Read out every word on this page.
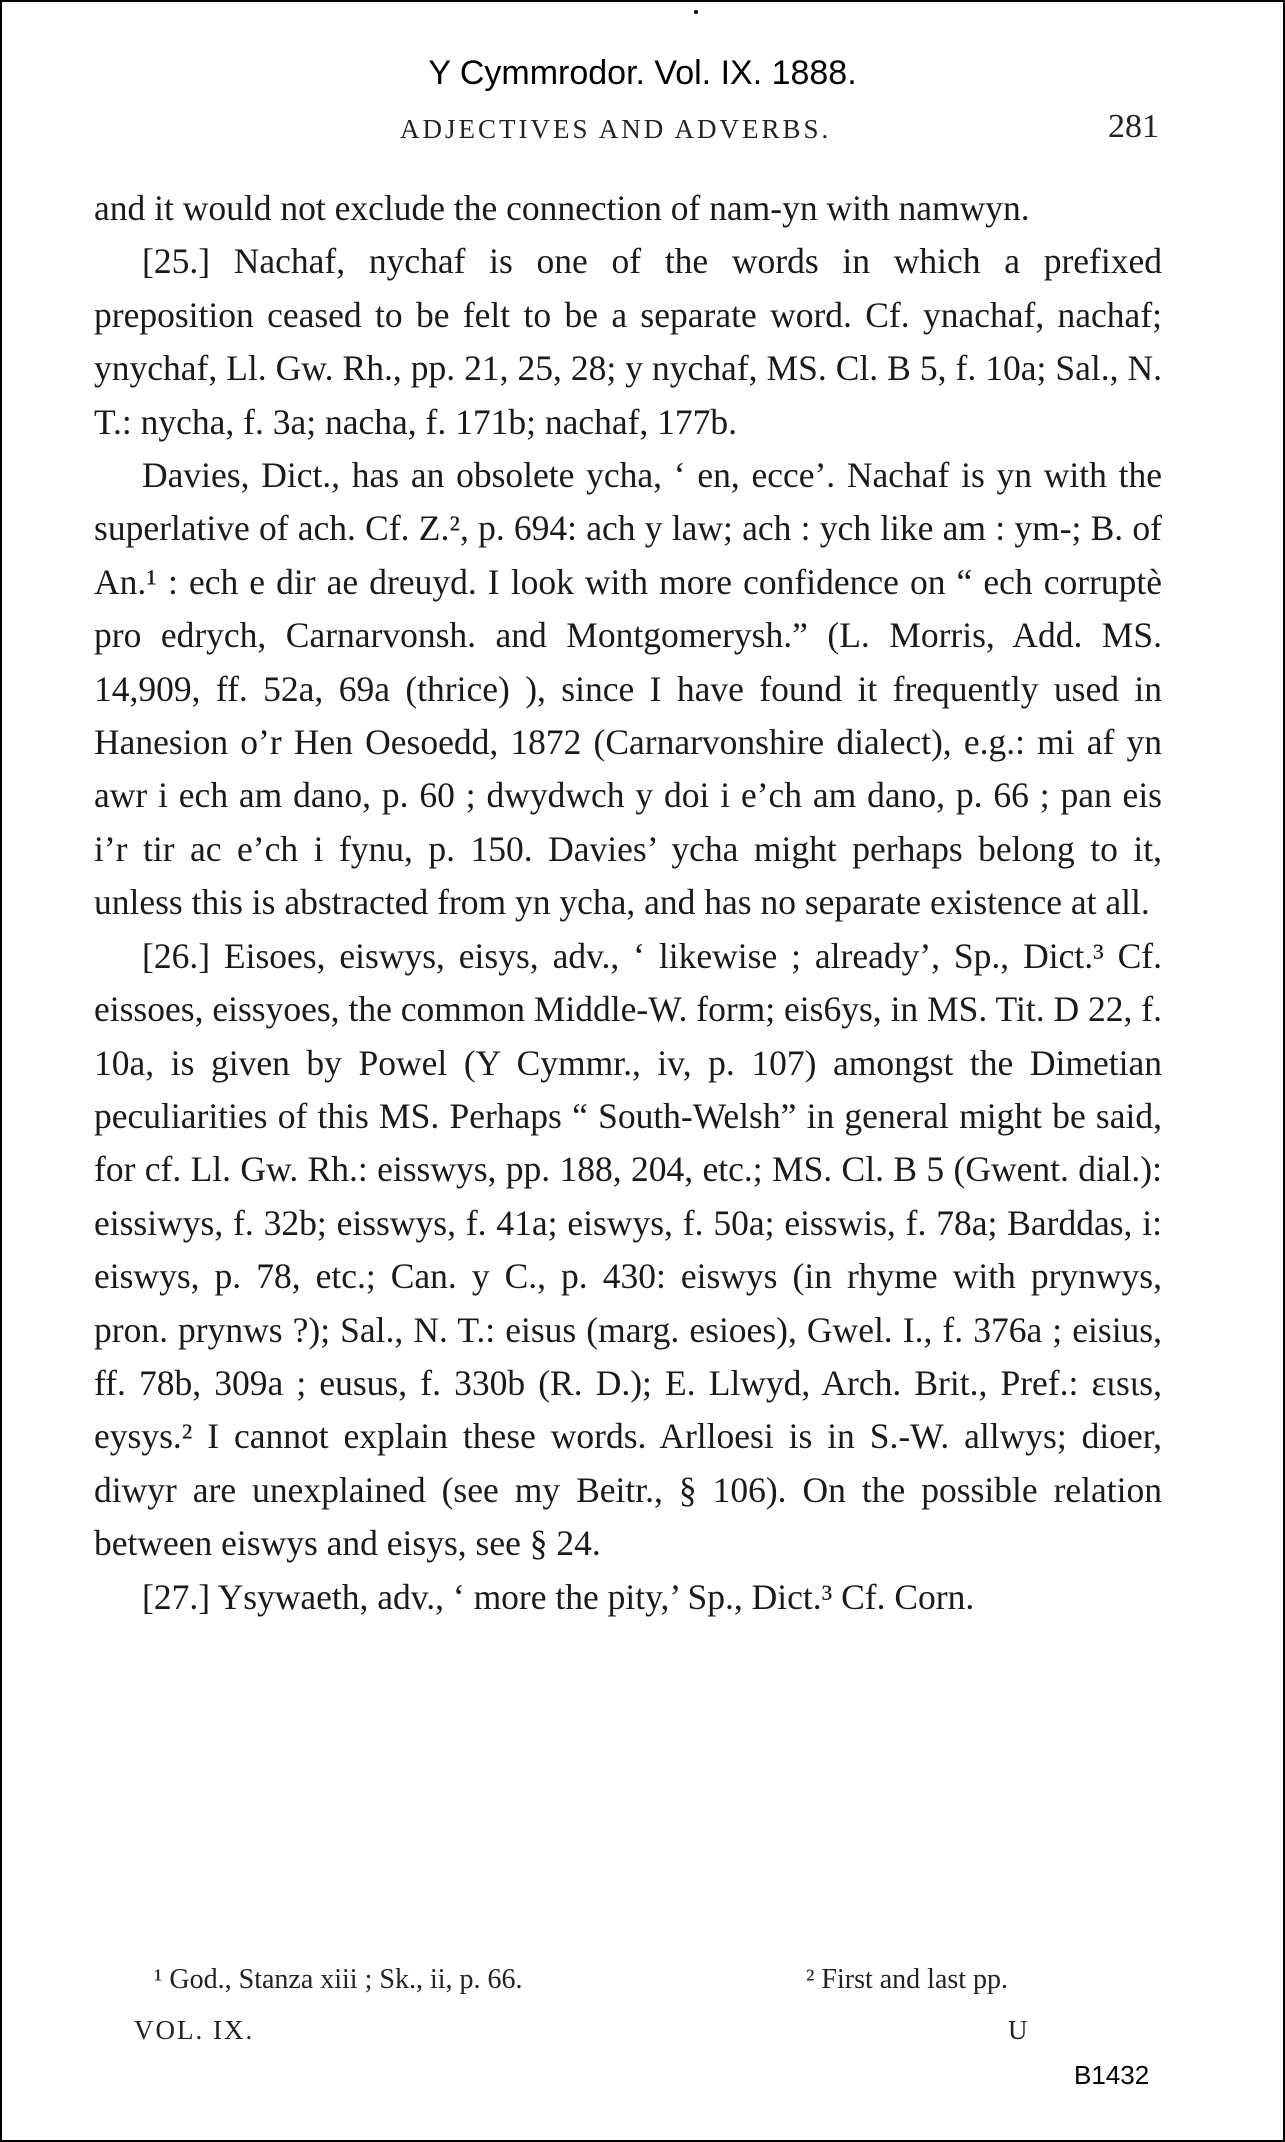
Y Cymmrodor. Vol. IX. 1888.
ADJECTIVES AND ADVERBS.	281

and it would not exclude the connection of nam-yn with namwyn.

[25.] Nachaf, nychaf is one of the words in which a prefixed preposition ceased to be felt to be a separate word. Cf. ynachaf, nachaf; ynychaf, Ll. Gw. Rh., pp. 21, 25, 28; y nychaf, MS. Cl. B 5, f. 10a; Sal., N. T.: nycha, f. 3a; nacha, f. 171b; nachaf, 177b.

Davies, Dict., has an obsolete ycha, ‘ en, ecce’. Nachaf is yn with the superlative of ach. Cf. Z.², p. 694: ach y law; ach : ych like am : ym-; B. of An.¹ : ech e dir ae dreuyd. I look with more confidence on “ ech corruptè pro edrych, Carnarvonsh. and Montgomerysh.” (L. Morris, Add. MS. 14,909, ff. 52a, 69a (thrice) ), since I have found it frequently used in Hanesion o’r Hen Oesoedd, 1872 (Carnarvonshire dialect), e.g.: mi af yn awr i ech am dano, p. 60 ; dwydwch y doi i e’ch am dano, p. 66 ; pan eis i’r tir ac e’ch i fynu, p. 150. Davies’ ycha might perhaps belong to it, unless this is abstracted from yn ycha, and has no separate existence at all.

[26.] Eisoes, eiswys, eisys, adv., ‘ likewise ; already’, Sp., Dict.³ Cf. eissoes, eissyoes, the common Middle-W. form; eis6ys, in MS. Tit. D 22, f. 10a, is given by Powel (Y Cymmr., iv, p. 107) amongst the Dimetian peculiarities of this MS. Perhaps “ South-Welsh” in general might be said, for cf. Ll. Gw. Rh.: eisswys, pp. 188, 204, etc.; MS. Cl. B 5 (Gwent. dial.): eissiwys, f. 32b; eisswys, f. 41a; eiswys, f. 50a; eisswis, f. 78a; Barddas, i: eiswys, p. 78, etc.; Can. y C., p. 430: eiswys (in rhyme with prynwys, pron. prynws ?); Sal., N. T.: eisus (marg. esioes), Gwel. I., f. 376a ; eisius, ff. 78b, 309a ; eusus, f. 330b (R. D.); E. Llwyd, Arch. Brit., Pref.: ειsιs, eysys.² I cannot explain these words. Arlloesi is in S.-W. allwys; dioer, diwyr are unexplained (see my Beitr., § 106). On the possible relation between eiswys and eisys, see § 24.

[27.] Ysywaeth, adv., ‘ more the pity,’ Sp., Dict.³ Cf. Corn.

¹ God., Stanza xiii ; Sk., ii, p. 66.	² First and last pp.
VOL. IX.	U
B1432
